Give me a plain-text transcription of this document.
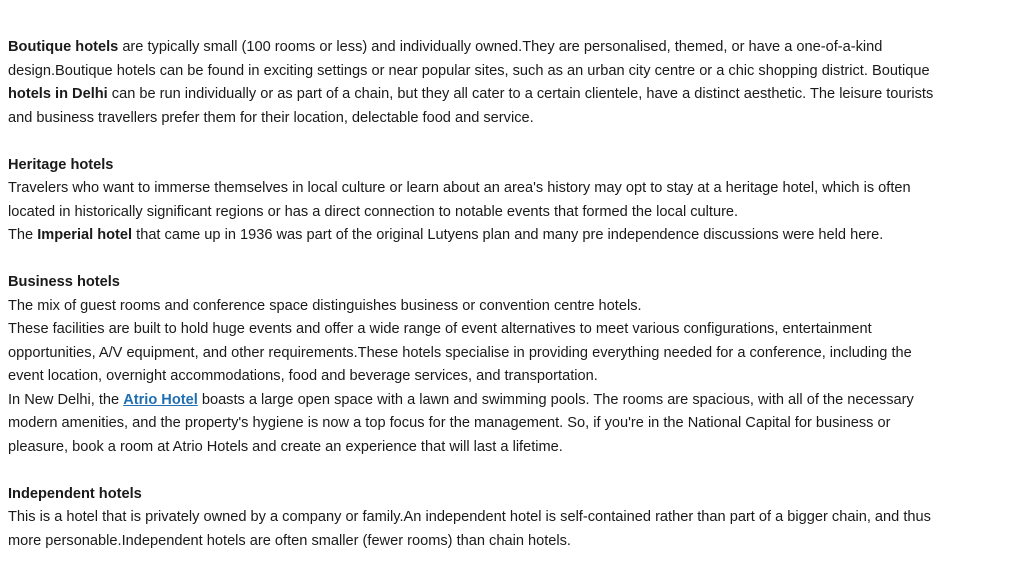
Boutique hotels are typically small (100 rooms or less) and individually owned.They are personalised, themed, or have a one-of-a-kind
design.Boutique hotels can be found in exciting settings or near popular sites, such as an urban city centre or a chic shopping district. Boutique
hotels in Delhi can be run individually or as part of a chain, but they all cater to a certain clientele, have a distinct aesthetic. The leisure tourists
and business travellers prefer them for their location, delectable food and service.
Heritage hotels
Travelers who want to immerse themselves in local culture or learn about an area's history may opt to stay at a heritage hotel, which is often
located in historically significant regions or has a direct connection to notable events that formed the local culture.
The Imperial hotel that came up in 1936 was part of the original Lutyens plan and many pre independence discussions were held here.
Business hotels
The mix of guest rooms and conference space distinguishes business or convention centre hotels.
These facilities are built to hold huge events and offer a wide range of event alternatives to meet various configurations, entertainment
opportunities, A/V equipment, and other requirements.These hotels specialise in providing everything needed for a conference, including the
event location, overnight accommodations, food and beverage services, and transportation.
In New Delhi, the Atrio Hotel boasts a large open space with a lawn and swimming pools. The rooms are spacious, with all of the necessary
modern amenities, and the property's hygiene is now a top focus for the management. So, if you're in the National Capital for business or
pleasure, book a room at Atrio Hotels and create an experience that will last a lifetime.
Independent hotels
This is a hotel that is privately owned by a company or family.An independent hotel is self-contained rather than part of a bigger chain, and thus
more personable.Independent hotels are often smaller (fewer rooms) than chain hotels.
